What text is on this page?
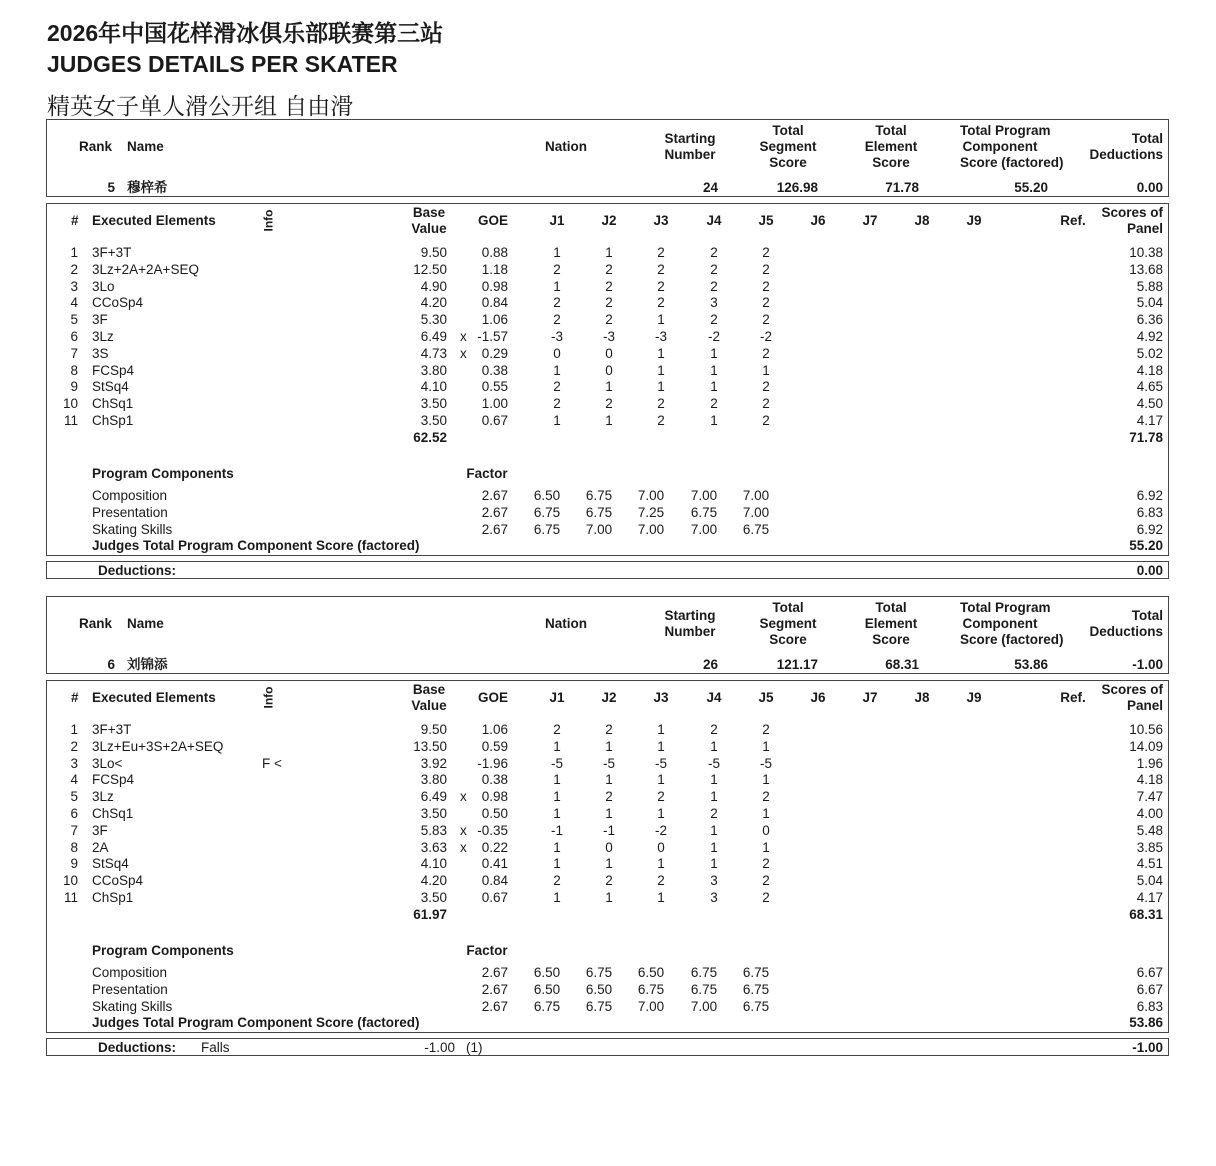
2026年中国花样滑冰俱乐部联赛第三站
JUDGES DETAILS PER SKATER
精英女子单人滑公开组 自由滑
Rank Name	Nation
Starting
Number
Total
Segment
Score
Total
Element
Score
Total Program
Component
Score (factored)
Total
Deductions
5 穆梓希	24	126.98	71.78	55.20	0.00
# Executed Elements	Info	Base
Value
GOE	J1	J2	J3	J4	J5	J6	J7	J8	J9	Ref.
Scores of
Panel
1 3F+3T	9.50	0.88	1	1	2	2	2	10.38
2 3Lz+2A+2A+SEQ	12.50	1.18	2	2	2	2	2	13.68
3 3Lo	4.90	0.98	1	2	2	2	2	5.88
4 CCoSp4	4.20	0.84	2	2	2	3	2	5.04
5 3F	5.30	1.06	2	2	1	2	2	6.36
6 3Lz	6.49 x -1.57	-3	-3	-3	-2	-2	4.92
7 3S	4.73 x 0.29	0	0	1	1	2	5.02
8 FCSp4	3.80	0.38	1	0	1	1	1	4.18
9 StSq4	4.10	0.55	2	1	1	1	2	4.65
10 ChSq1	3.50	1.00	2	2	2	2	2	4.50
11 ChSp1	3.50	0.67	1	1	2	1	2	4.17
62.52	71.78
Program Components	Factor
Composition	2.67	6.50	6.75	7.00	7.00	7.00	6.92
Presentation	2.67	6.75	6.75	7.25	6.75	7.00	6.83
Skating Skills	2.67	6.75	7.00	7.00	7.00	6.75	6.92
Judges Total Program Component Score (factored)	55.20
Deductions:	0.00
Rank Name	Nation
Starting
Number
Total
Segment
Score
Total
Element
Score
Total Program
Component
Score (factored)
Total
Deductions
6 刘锦添	26	121.17	68.31	53.86	-1.00
# Executed Elements	Info	Base
Value
GOE	J1	J2	J3	J4	J5	J6	J7	J8	J9	Ref.
Scores of
Panel
1 3F+3T	9.50	1.06	2	2	1	2	2	10.56
2 3Lz+Eu+3S+2A+SEQ	13.50	0.59	1	1	1	1	1	14.09
3 3Lo<	F <	3.92 -1.96	-5	-5	-5	-5	-5	1.96
4 FCSp4	3.80	0.38	1	1	1	1	1	4.18
5 3Lz	6.49 x 0.98	1	2	2	1	2	7.47
6 ChSq1	3.50	0.50	1	1	1	2	1	4.00
7 3F	5.83 x -0.35	-1	-1	-2	1	0	5.48
8 2A	3.63 x 0.22	1	0	0	1	1	3.85
9 StSq4	4.10	0.41	1	1	1	1	2	4.51
10 CCoSp4	4.20	0.84	2	2	2	3	2	5.04
11 ChSp1	3.50	0.67	1	1	1	3	2	4.17
61.97	68.31
Program Components	Factor
Composition	2.67	6.50	6.75	6.50	6.75	6.75	6.67
Presentation	2.67	6.50	6.50	6.75	6.75	6.75	6.67
Skating Skills	2.67	6.75	6.75	7.00	7.00	6.75	6.83
Judges Total Program Component Score (factored)	53.86
Deductions: Falls	-1.00 (1)	-1.00
